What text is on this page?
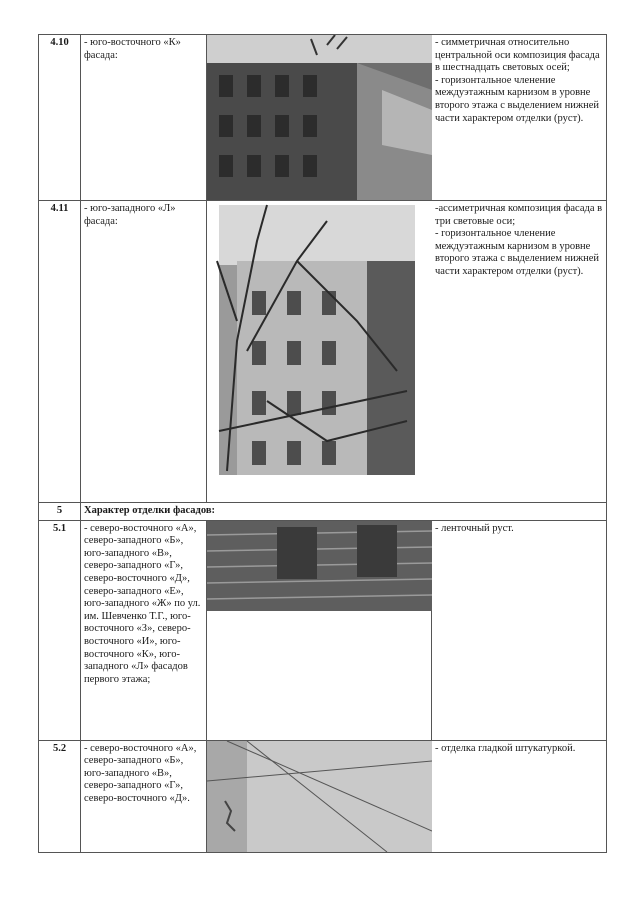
4.10	- юго-восточного «К» фасада:		- симметричная относительно центральной оси композиция фасада в шестнадцать световых осей;

- горизонтальное членение междуэтажным карнизом в уровне второго этажа с выделением нижней части характером отделки (руст).

4.11	- юго-западного «Л» фасада:		-ассиметричная композиция фасада в три световые оси;

- горизонтальное членение междуэтажным карнизом в уровне второго этажа с выделением нижней части характером отделки (руст).

5	Характер отделки фасадов:		
5.1	- северо-восточного «А», северо-западного «Б», юго-западного «В», северо-западного «Г», северо-восточного «Д», северо-западного «Е», юго-западного «Ж» по ул. им. Шевченко Т.Г., юго-восточного «З», северо-восточного «И», юго-восточного «К», юго-западного «Л» фасадов первого этажа;		- ленточный руст.
5.2	- северо-восточного «А», северо-западного «Б», юго-западного «В», северо-западного «Г», северо-восточного «Д».		- отделка гладкой штукатуркой.
